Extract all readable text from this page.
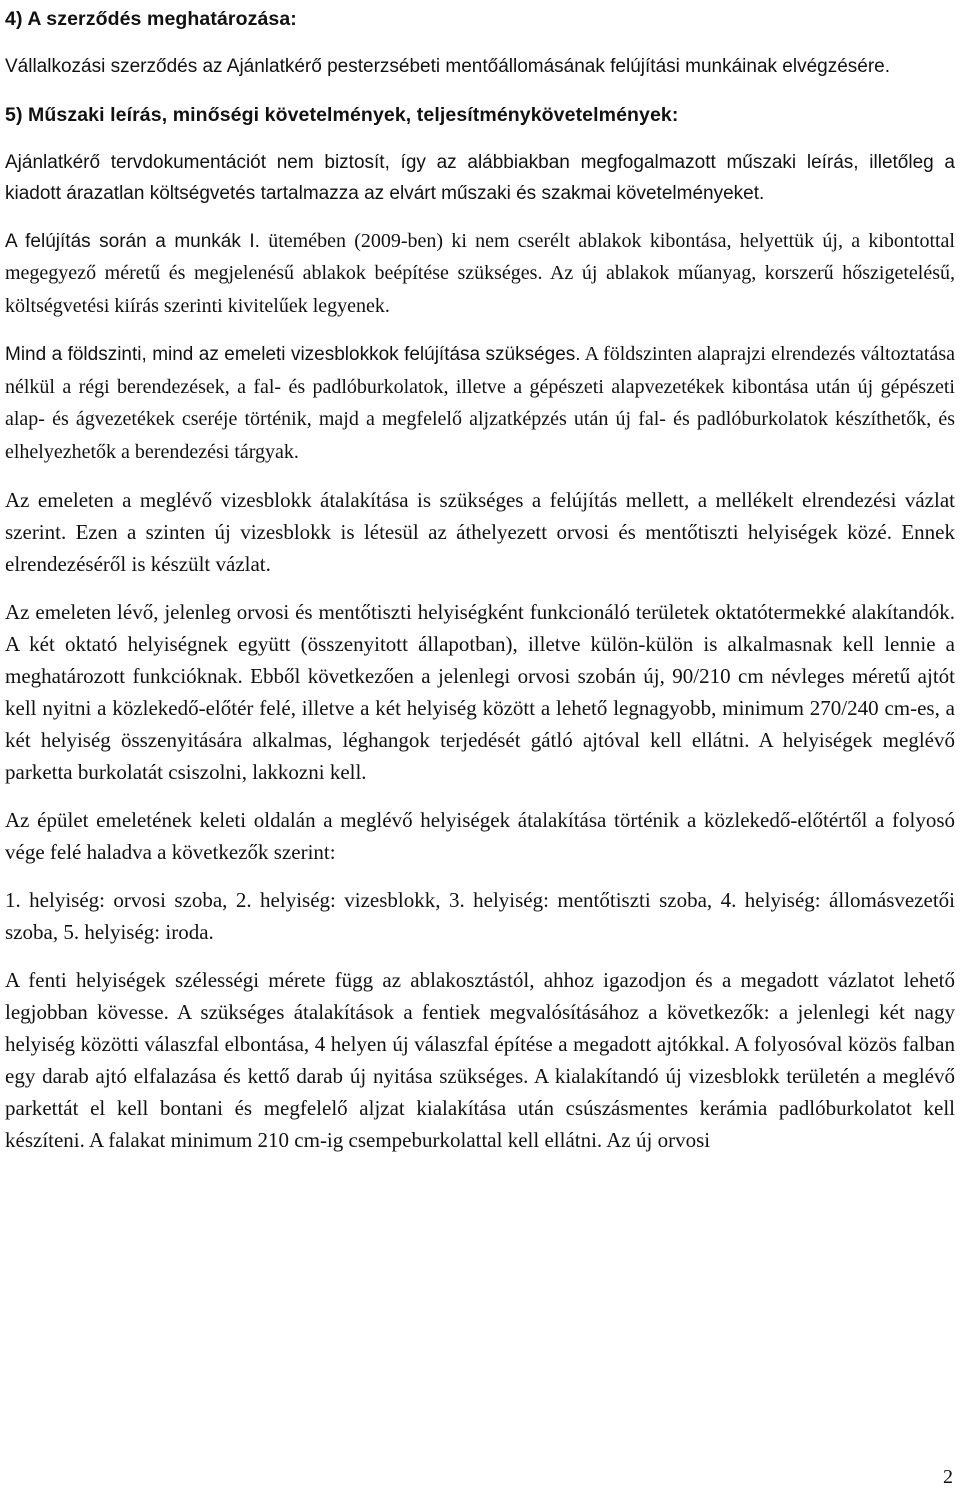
4) A szerződés meghatározása:

Vállalkozási szerződés az Ajánlatkérő pesterzsébeti mentőállomásának felújítási munkáinak elvégzésére.

5) Műszaki leírás, minőségi követelmények, teljesítménykövetelmények:

Ajánlatkérő tervdokumentációt nem biztosít, így az alábbiakban megfogalmazott műszaki leírás, illetőleg a kiadott árazatlan költségvetés tartalmazza az elvárt műszaki és szakmai követelményeket.

A felújítás során a munkák I. ütemében (2009-ben) ki nem cserélt ablakok kibontása, helyettük új, a kibontottal megegyező méretű és megjelenésű ablakok beépítése szükséges. Az új ablakok műanyag, korszerű hőszigetelésű, költségvetési kiírás szerinti kivitelűek legyenek.

Mind a földszinti, mind az emeleti vizesblokkok felújítása szükséges. A földszinten alaprajzi elrendezés változtatása nélkül a régi berendezések, a fal- és padlóburkolatok, illetve a gépészeti alapvezetékek kibontása után új gépészeti alap- és ágvezetékek cseréje történik, majd a megfelelő aljzatképzés után új fal- és padlóburkolatok készíthetők, és elhelyezhetők a berendezési tárgyak.

Az emeleten a meglévő vizesblokk átalakítása is szükséges a felújítás mellett, a mellékelt elrendezési vázlat szerint. Ezen a szinten új vizesblokk is létesül az áthelyezett orvosi és mentőtiszti helyiségek közé. Ennek elrendezéséről is készült vázlat.

Az emeleten lévő, jelenleg orvosi és mentőtiszti helyiségként funkcionáló területek oktatótermekké alakítandók. A két oktató helyiségnek együtt (összenyitott állapotban), illetve külön-külön is alkalmasnak kell lennie a meghatározott funkcióknak. Ebből következően a jelenlegi orvosi szobán új, 90/210 cm névleges méretű ajtót kell nyitni a közlekedő-előtér felé, illetve a két helyiség között a lehető legnagyobb, minimum 270/240 cm-es, a két helyiség összenyitására alkalmas, léghangok terjedését gátló ajtóval kell ellátni. A helyiségek meglévő parketta burkolatát csiszolni, lakkozni kell.

Az épület emeletének keleti oldalán a meglévő helyiségek átalakítása történik a közlekedő-előtértől a folyosó vége felé haladva a következők szerint:

1. helyiség: orvosi szoba, 2. helyiség: vizesblokk, 3. helyiség: mentőtiszti szoba, 4. helyiség: állomásvezetői szoba, 5. helyiség: iroda.

A fenti helyiségek szélességi mérete függ az ablakosztástól, ahhoz igazodjon és a megadott vázlatot lehető legjobban kövesse. A szükséges átalakítások a fentiek megvalósításához a következők: a jelenlegi két nagy helyiség közötti válaszfal elbontása, 4 helyen új válaszfal építése a megadott ajtókkal. A folyosóval közös falban egy darab ajtó elfalazása és kettő darab új nyitása szükséges. A kialakítandó új vizesblokk területén a meglévő parkettát el kell bontani és megfelelő aljzat kialakítása után csúszásmentes kerámia padlóburkolatot kell készíteni. A falakat minimum 210 cm-ig csempeburkolattal kell ellátni. Az új orvosi

2
